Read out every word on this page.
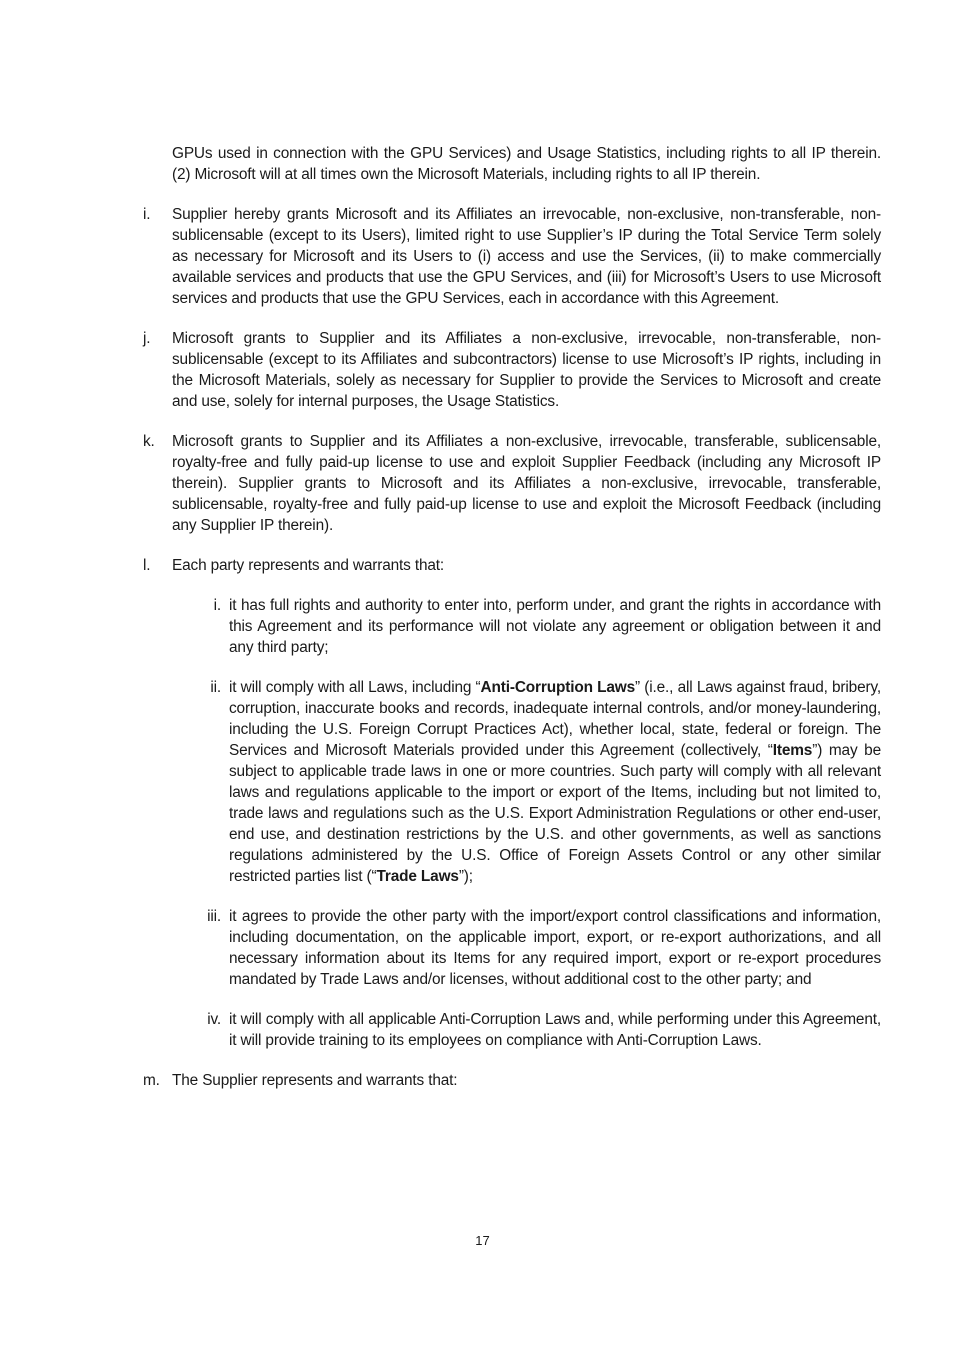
GPUs used in connection with the GPU Services) and Usage Statistics, including rights to all IP therein. (2) Microsoft will at all times own the Microsoft Materials, including rights to all IP therein.

i. Supplier hereby grants Microsoft and its Affiliates an irrevocable, non-exclusive, non-transferable, non-sublicensable (except to its Users), limited right to use Supplier’s IP during the Total Service Term solely as necessary for Microsoft and its Users to (i) access and use the Services, (ii) to make commercially available services and products that use the GPU Services, and (iii) for Microsoft’s Users to use Microsoft services and products that use the GPU Services, each in accordance with this Agreement.

j. Microsoft grants to Supplier and its Affiliates a non-exclusive, irrevocable, non-transferable, non-sublicensable (except to its Affiliates and subcontractors) license to use Microsoft’s IP rights, including in the Microsoft Materials, solely as necessary for Supplier to provide the Services to Microsoft and create and use, solely for internal purposes, the Usage Statistics.

k. Microsoft grants to Supplier and its Affiliates a non-exclusive, irrevocable, transferable, sublicensable, royalty-free and fully paid-up license to use and exploit Supplier Feedback (including any Microsoft IP therein). Supplier grants to Microsoft and its Affiliates a non-exclusive, irrevocable, transferable, sublicensable, royalty-free and fully paid-up license to use and exploit the Microsoft Feedback (including any Supplier IP therein).

l. Each party represents and warrants that:

i. it has full rights and authority to enter into, perform under, and grant the rights in accordance with this Agreement and its performance will not violate any agreement or obligation between it and any third party;

ii. it will comply with all Laws, including “Anti-Corruption Laws” (i.e., all Laws against fraud, bribery, corruption, inaccurate books and records, inadequate internal controls, and/or money-laundering, including the U.S. Foreign Corrupt Practices Act), whether local, state, federal or foreign. The Services and Microsoft Materials provided under this Agreement (collectively, “Items”) may be subject to applicable trade laws in one or more countries. Such party will comply with all relevant laws and regulations applicable to the import or export of the Items, including but not limited to, trade laws and regulations such as the U.S. Export Administration Regulations or other end-user, end use, and destination restrictions by the U.S. and other governments, as well as sanctions regulations administered by the U.S. Office of Foreign Assets Control or any other similar restricted parties list (“Trade Laws”);

iii. it agrees to provide the other party with the import/export control classifications and information, including documentation, on the applicable import, export, or re-export authorizations, and all necessary information about its Items for any required import, export or re-export procedures mandated by Trade Laws and/or licenses, without additional cost to the other party; and

iv. it will comply with all applicable Anti-Corruption Laws and, while performing under this Agreement, it will provide training to its employees on compliance with Anti-Corruption Laws.

m. The Supplier represents and warrants that:

17
